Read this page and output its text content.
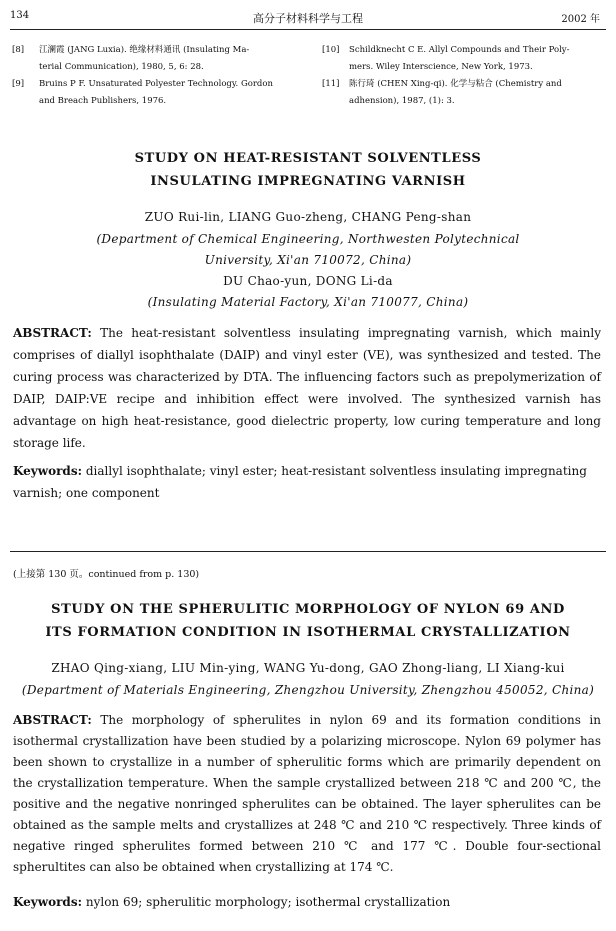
134	高分子材料科学与工程	2002 年
[8] 江澜霞 (JANG Luxia). 绝缘材料通讯 (Insulating Ma-
terial Communication), 1980, 5, 6: 28.
[9] Bruins P F. Unsaturated Polyester Technology. Gordon
and Breach Publishers, 1976.
[10] Schildknecht C E. Allyl Compounds and Their Poly-
mers. Wiley Interscience, New York, 1973.
[11] 陈行琦 (CHEN Xing-qi). 化学与粘合 (Chemistry and
adhension), 1987, (1): 3.
STUDY ON HEAT-RESISTANT SOLVENTLESS
INSULATING IMPREGNATING VARNISH
ZUO Rui-lin, LIANG Guo-zheng, CHANG Peng-shan
(Department of Chemical Engineering, Northwesten Polytechnical
University, Xi'an 710072, China)
DU Chao-yun, DONG Li-da
(Insulating Material Factory, Xi'an 710077, China)
ABSTRACT: The heat-resistant solventless insulating impregnating varnish, which mainly comprises of diallyl isophthalate (DAIP) and vinyl ester (VE), was synthesized and tested. The curing process was characterized by DTA. The influencing factors such as prepolymerization of DAIP, DAIP:VE recipe and inhibition effect were involved. The synthesized varnish has advantage on high heat-resistance, good dielectric property, low curing temperature and long storage life.
Keywords: diallyl isophthalate; vinyl ester; heat-resistant solventless insulating impregnating varnish; one component
(上接第 130 页。continued from p. 130)
STUDY ON THE SPHERULITIC MORPHOLOGY OF NYLON 69 AND
ITS FORMATION CONDITION IN ISOTHERMAL CRYSTALLIZATION
ZHAO Qing-xiang, LIU Min-ying, WANG Yu-dong, GAO Zhong-liang, LI Xiang-kui
(Department of Materials Engineering, Zhengzhou University, Zhengzhou 450052, China)
ABSTRACT: The morphology of spherulites in nylon 69 and its formation conditions in isothermal crystallization have been studied by a polarizing microscope. Nylon 69 polymer has been shown to crystallize in a number of spherulitic forms which are primarily dependent on the crystallization temperature. When the sample crystallized between 218 ℃ and 200 ℃, the positive and the negative nonringed spherulites can be obtained. The layer spherulites can be obtained as the sample melts and crystallizes at 248 ℃ and 210 ℃ respectively. Three kinds of negative ringed spherulites formed between 210 ℃ and 177 ℃. Double four-sectional spherultites can also be obtained when crystallizing at 174 ℃.
Keywords: nylon 69; spherulitic morphology; isothermal crystallization
